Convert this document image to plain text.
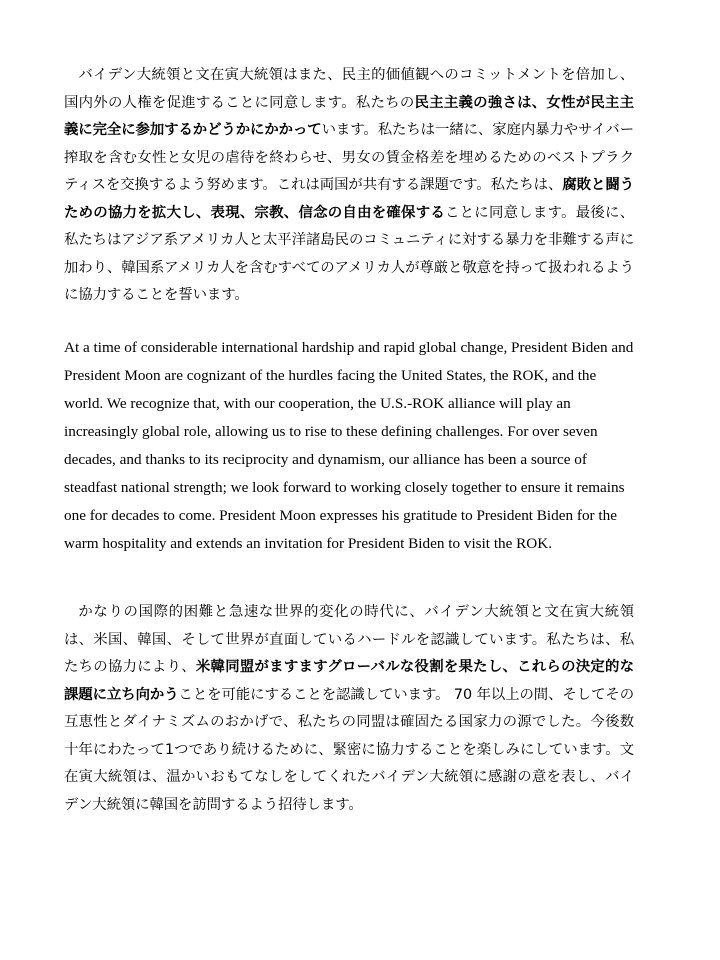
バイデン大統領と文在寅大統領はまた、民主的価値観へのコミットメントを倍加し、国内外の人権を促進することに同意します。私たちの民主主義の強さは、女性が民主主義に完全に参加するかどうかにかかっています。私たちは一緒に、家庭内暴力やサイバー搾取を含む女性と女児の虐待を終わらせ、男女の賃金格差を埋めるためのベストプラクティスを交換するよう努めます。これは両国が共有する課題です。私たちは、腐敗と闘うための協力を拡大し、表現、宗教、信念の自由を確保することに同意します。最後に、私たちはアジア系アメリカ人と太平洋諸島民のコミュニティに対する暴力を非難する声に加わり、韓国系アメリカ人を含むすべてのアメリカ人が尊厳と敬意を持って扱われるように協力することを誓います。

At a time of considerable international hardship and rapid global change, President Biden and President Moon are cognizant of the hurdles facing the United States, the ROK, and the world. We recognize that, with our cooperation, the U.S.-ROK alliance will play an increasingly global role, allowing us to rise to these defining challenges. For over seven decades, and thanks to its reciprocity and dynamism, our alliance has been a source of steadfast national strength; we look forward to working closely together to ensure it remains one for decades to come. President Moon expresses his gratitude to President Biden for the warm hospitality and extends an invitation for President Biden to visit the ROK.

かなりの国際的困難と急速な世界的変化の時代に、バイデン大統領と文在寅大統領は、米国、韓国、そして世界が直面しているハードルを認識しています。私たちは、私たちの協力により、米韓同盟がますますグローバルな役割を果たし、これらの決定的な課題に立ち向かうことを可能にすることを認識しています。 70 年以上の間、そしてその互恵性とダイナミズムのおかげで、私たちの同盟は確固たる国家力の源でした。今後数十年にわたって1つであり続けるために、緊密に協力することを楽しみにしています。文在寅大統領は、温かいおもてなしをしてくれたバイデン大統領に感謝の意を表し、バイデン大統領に韓国を訪問するよう招待します。
